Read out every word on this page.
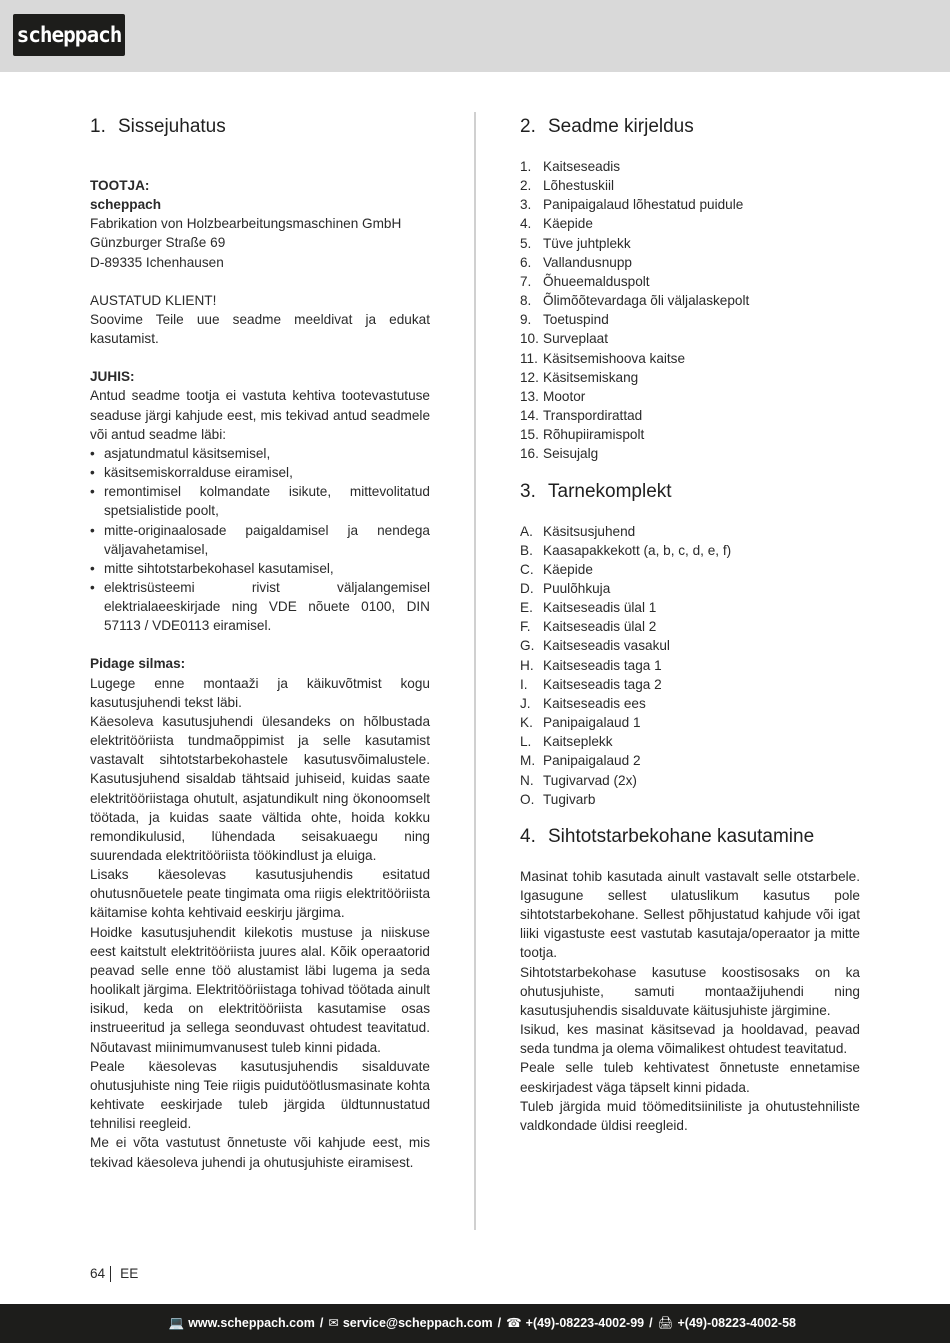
scheppach
1. Sissejuhatus

TOOTJA:

scheppach

Fabrikation von Holzbearbeitungsmaschinen GmbH

Günzburger Straße 69

D-89335 Ichenhausen

AUSTATUD KLIENT!

Soovime Teile uue seadme meeldivat ja edukat kasutamist.

JUHIS:

Antud seadme tootja ei vastuta kehtiva tootevastutuse seaduse järgi kahjude eest, mis tekivad antud seadmele või antud seadme läbi:

• asjatundmatul käsitsemisel,
• käsitsemiskorralduse eiramisel,
• remontimisel kolmandate isikute, mittevolitatud spetsialistide poolt,
• mitte-originaalosade paigaldamisel ja nendega väljavahetamisel,
• mitte sihtotstarbekohasel kasutamisel,
• elektrisüsteemi rivist väljalangemisel elektrialaeeskirjade ning VDE nõuete 0100, DIN 57113 / VDE0113 eiramisel.

Pidage silmas:

Lugege enne montaaži ja käikuvõtmist kogu kasutusjuhendi tekst läbi.

Käesoleva kasutusjuhendi ülesandeks on hõlbustada elektritööriista tundmaõppimist ja selle kasutamist vastavalt sihtotstarbekohastele kasutusvõimalustele. Kasutusjuhend sisaldab tähtsaid juhiseid, kuidas saate elektritööriistaga ohutult, asjatundikult ning ökonoomselt töötada, ja kuidas saate vältida ohte, hoida kokku remondikulusid, lühendada seisakuaegu ning suurendada elektritööriista töökindlust ja eluiga.

Lisaks käesolevas kasutusjuhendis esitatud ohutusnõuetele peate tingimata oma riigis elektritööriista käitamise kohta kehtivaid eeskirju järgima.

Hoidke kasutusjuhendit kilekotis mustuse ja niiskuse eest kaitstult elektritööriista juures alal. Kõik operaatorid peavad selle enne töö alustamist läbi lugema ja seda hoolikalt järgima. Elektritööriistaga tohivad töötada ainult isikud, keda on elektritööriista kasutamise osas instrueeritud ja sellega seonduvast ohtudest teavitatud. Nõutavast miinimumvanusest tuleb kinni pidada.

Peale käesolevas kasutusjuhendis sisalduvate ohutusjuhiste ning Teie riigis puidutöötlusmasinate kohta kehtivate eeskirjade tuleb järgida üldtunnustatud tehnilisi reegleid.

Me ei võta vastutust õnnetuste või kahjude eest, mis tekivad käesoleva juhendi ja ohutusjuhiste eiramisest.

2. Seadme kirjeldus
1. Kaitseseadis
2. Lõhestuskiil
3. Panipaigalaud lõhestatud puidule
4. Käepide
5. Tüve juhtplekk
6. Vallandusnupp
7. Õhueemalduspolt
8. Õlimõõtevardaga õli väljalaskepolt
9. Toetuspind
10. Surveplaat
11. Käsitsemishoova kaitse
12. Käsitsemiskang
13. Mootor
14. Transpordirattad
15. Rõhupiiramispolt
16. Seisujalg
3. Tarnekomplekt
A. Käsitsusjuhend
B. Kaasapakkekott (a, b, c, d, e, f)
C. Käepide
D. Puulõhkuja
E. Kaitseseadis ülal 1
F. Kaitseseadis ülal 2
G. Kaitseseadis vasakul
H. Kaitseseadis taga 1
I.	Kaitseseadis taga 2
J. Kaitseseadis ees
K. Panipaigalaud 1
L. Kaitseplekk
M. Panipaigalaud 2
N. Tugivarvad (2x)
O. Tugivarb
4. Sihtotstarbekohane kasutamine

Masinat tohib kasutada ainult vastavalt selle otstarbele. Igasugune sellest ulatuslikum kasutus pole sihtotstarbekohane. Sellest põhjustatud kahjude või igat liiki vigastuste eest vastutab kasutaja/operaator ja mitte tootja.

Sihtotstarbekohase kasutuse koostisosaks on ka ohutusjuhiste, samuti montaažijuhendi ning kasutusjuhendis sisalduvate käitusjuhiste järgimine.

Isikud, kes masinat käsitsevad ja hooldavad, peavad seda tundma ja olema võimalikest ohtudest teavitatud.

Peale selle tuleb kehtivatest õnnetuste ennetamise eeskirjadest väga täpselt kinni pidada.

Tuleb järgida muid töömeditsiiniliste ja ohutustehniliste valdkondade üldisi reegleid.

64 EE
💻 www.scheppach.com / ✉ service@scheppach.com / ☎ +(49)-08223-4002-99 / 🖨 +(49)-08223-4002-58
